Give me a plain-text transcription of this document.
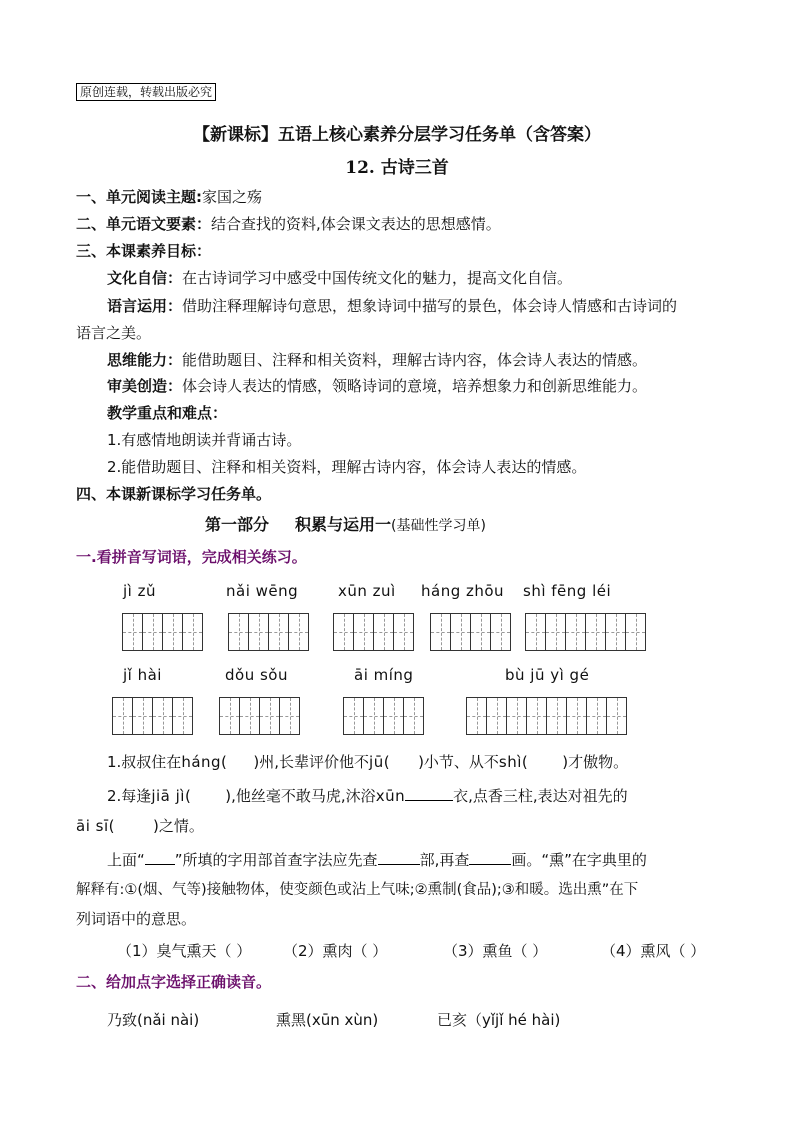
原创连载，转载出版必究
【新课标】五语上核心素养分层学习任务单（含答案）
12. 古诗三首
一、单元阅读主题:家国之殇
二、单元语文要素：结合查找的资料,体会课文表达的思想感情。
三、本课素养目标：
文化自信：在古诗词学习中感受中国传统文化的魅力，提高文化自信。
语言运用：借助注释理解诗句意思，想象诗词中描写的景色，体会诗人情感和古诗词的
语言之美。
思维能力：能借助题目、注释和相关资料，理解古诗内容，体会诗人表达的情感。
审美创造：体会诗人表达的情感，领略诗词的意境，培养想象力和创新思维能力。
教学重点和难点：
1.有感情地朗读并背诵古诗。
2.能借助题目、注释和相关资料，理解古诗内容，体会诗人表达的情感。
四、本课新课标学习任务单。
第一部分 积累与运用一(基础性学习单)
一.看拼音写词语，完成相关练习。
jì zǔ	nǎi wēng	xūn zuì háng zhōu shì fēng léi
jǐ hài	dǒu sǒu	āi míng	bù jū yì gé
1.叔叔住在háng( )州,长辈评价他不jū( )小节、从不shì( )才傲物。
2.每逢jiā jì( ),他丝毫不敢马虎,沐浴xūn	衣,点香三柱,表达对祖先的
āi sī(	)之情。
上面“ ”所填的字用部首查字法应先查	部,再查	画。“熏”在字典里的
解释有:①(烟、气等)接触物体，使变颜色或沾上气味;②熏制(食品);③和暖。选出熏”在下
列词语中的意思。
（1）臭气熏天（ ） （2）熏肉（ ）	（3）熏鱼（ ）	（4）熏风（ ）
二、给加点字选择正确读音。
乃致(nǎi nài)	熏黑(xūn xùn)	已亥（yǐjǐ hé hài)
